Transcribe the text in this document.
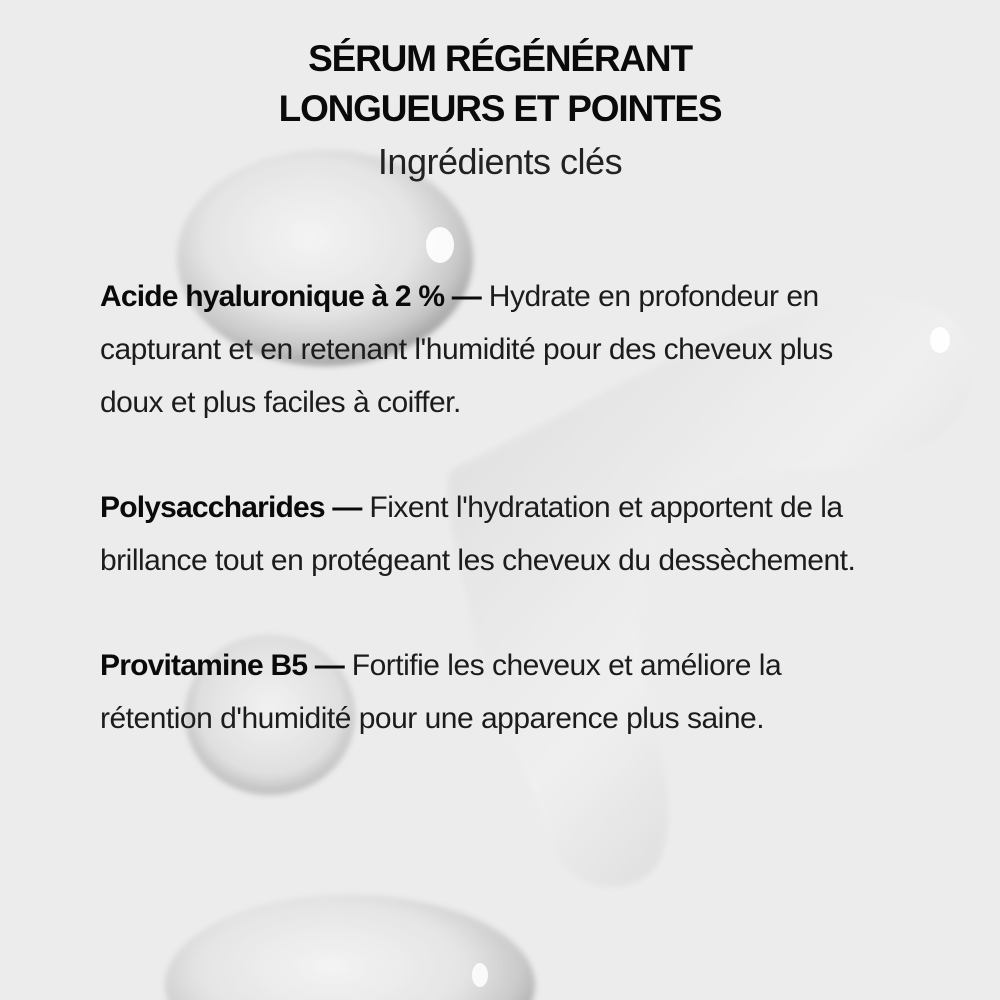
SÉRUM RÉGÉNÉRANT
LONGUEURS ET POINTES
Ingrédients clés

Acide hyaluronique à 2 % — Hydrate en profondeur en capturant et en retenant l'humidité pour des cheveux plus doux et plus faciles à coiffer.

Polysaccharides — Fixent l'hydratation et apportent de la brillance tout en protégeant les cheveux du dessèchement.

Provitamine B5 — Fortifie les cheveux et améliore la rétention d'humidité pour une apparence plus saine.
